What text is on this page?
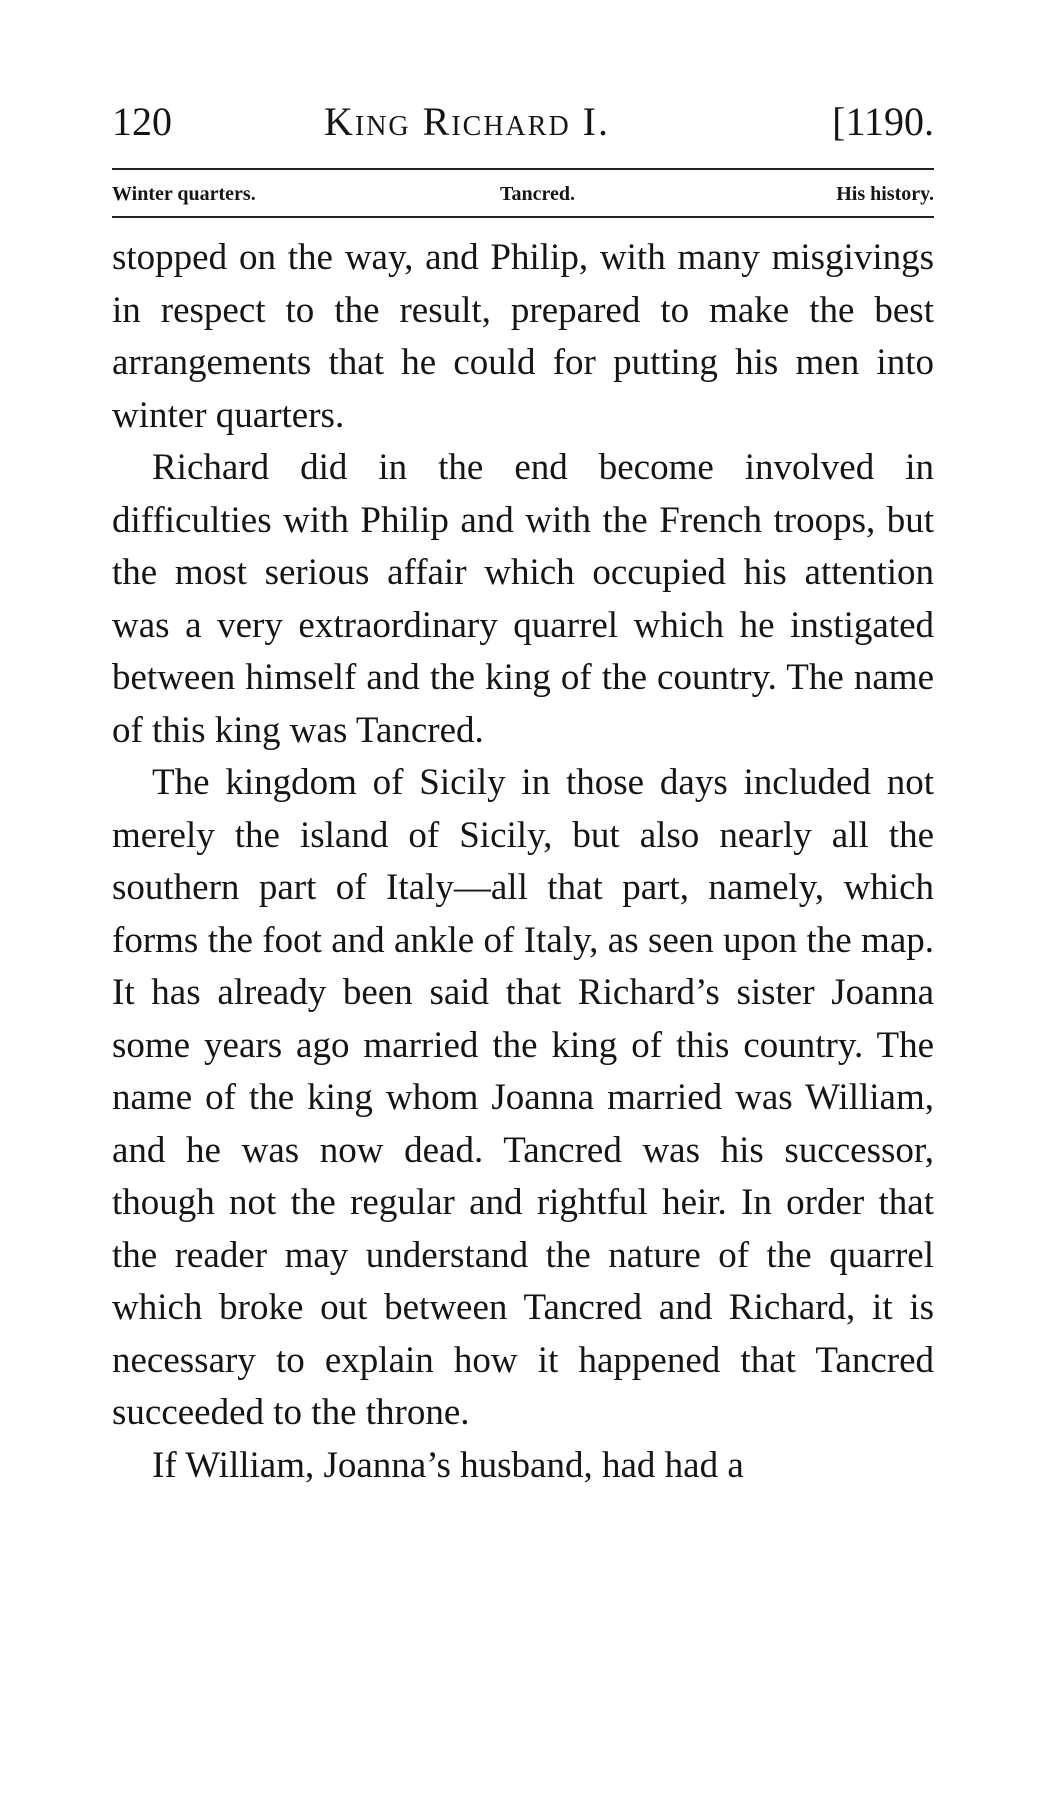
120	King Richard I.	[1190.
Winter quarters.	Tancred.	His history.

stopped on the way, and Philip, with many misgivings in respect to the result, prepared to make the best arrangements that he could for putting his men into winter quarters.

Richard did in the end become involved in difficulties with Philip and with the French troops, but the most serious affair which occupied his attention was a very extraordinary quarrel which he instigated between himself and the king of the country. The name of this king was Tancred.

The kingdom of Sicily in those days included not merely the island of Sicily, but also nearly all the southern part of Italy—all that part, namely, which forms the foot and ankle of Italy, as seen upon the map. It has already been said that Richard’s sister Joanna some years ago married the king of this country. The name of the king whom Joanna married was William, and he was now dead. Tancred was his successor, though not the regular and rightful heir. In order that the reader may understand the nature of the quarrel which broke out between Tancred and Richard, it is necessary to explain how it happened that Tancred succeeded to the throne.

If William, Joanna’s husband, had had a
